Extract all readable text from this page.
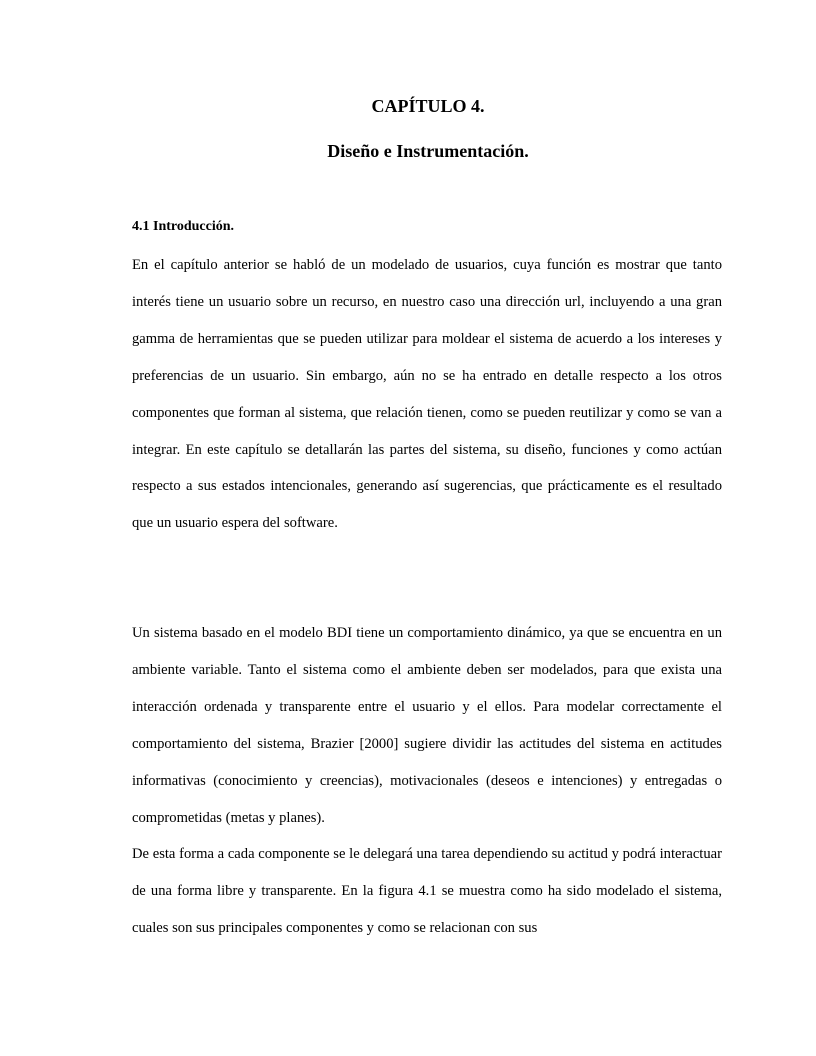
CAPÍTULO 4.
Diseño e Instrumentación.
4.1 Introducción.

En el capítulo anterior se habló de un modelado de usuarios, cuya función es mostrar que tanto interés tiene un usuario sobre un recurso, en nuestro caso una dirección url, incluyendo a una gran gamma de herramientas que se pueden utilizar para moldear el sistema de acuerdo a los intereses y preferencias de un usuario. Sin embargo, aún no se ha entrado en detalle respecto a los otros componentes que forman al sistema, que relación tienen, como se pueden reutilizar y como se van a integrar. En este capítulo se detallarán las partes del sistema, su diseño, funciones y como actúan respecto a sus estados intencionales, generando así sugerencias, que prácticamente es el resultado que un usuario espera del software.

Un sistema basado en el modelo BDI tiene un comportamiento dinámico, ya que se encuentra en un ambiente variable. Tanto el sistema como el ambiente deben ser modelados, para que exista una interacción ordenada y transparente entre el usuario y el ellos. Para modelar correctamente el comportamiento del sistema, Brazier [2000] sugiere dividir las actitudes del sistema en actitudes informativas (conocimiento y creencias), motivacionales (deseos e intenciones) y entregadas o comprometidas (metas y planes).

De esta forma a cada componente se le delegará una tarea dependiendo su actitud y podrá interactuar de una forma libre y transparente. En la figura 4.1 se muestra como ha sido modelado el sistema, cuales son sus principales componentes y como se relacionan con sus
